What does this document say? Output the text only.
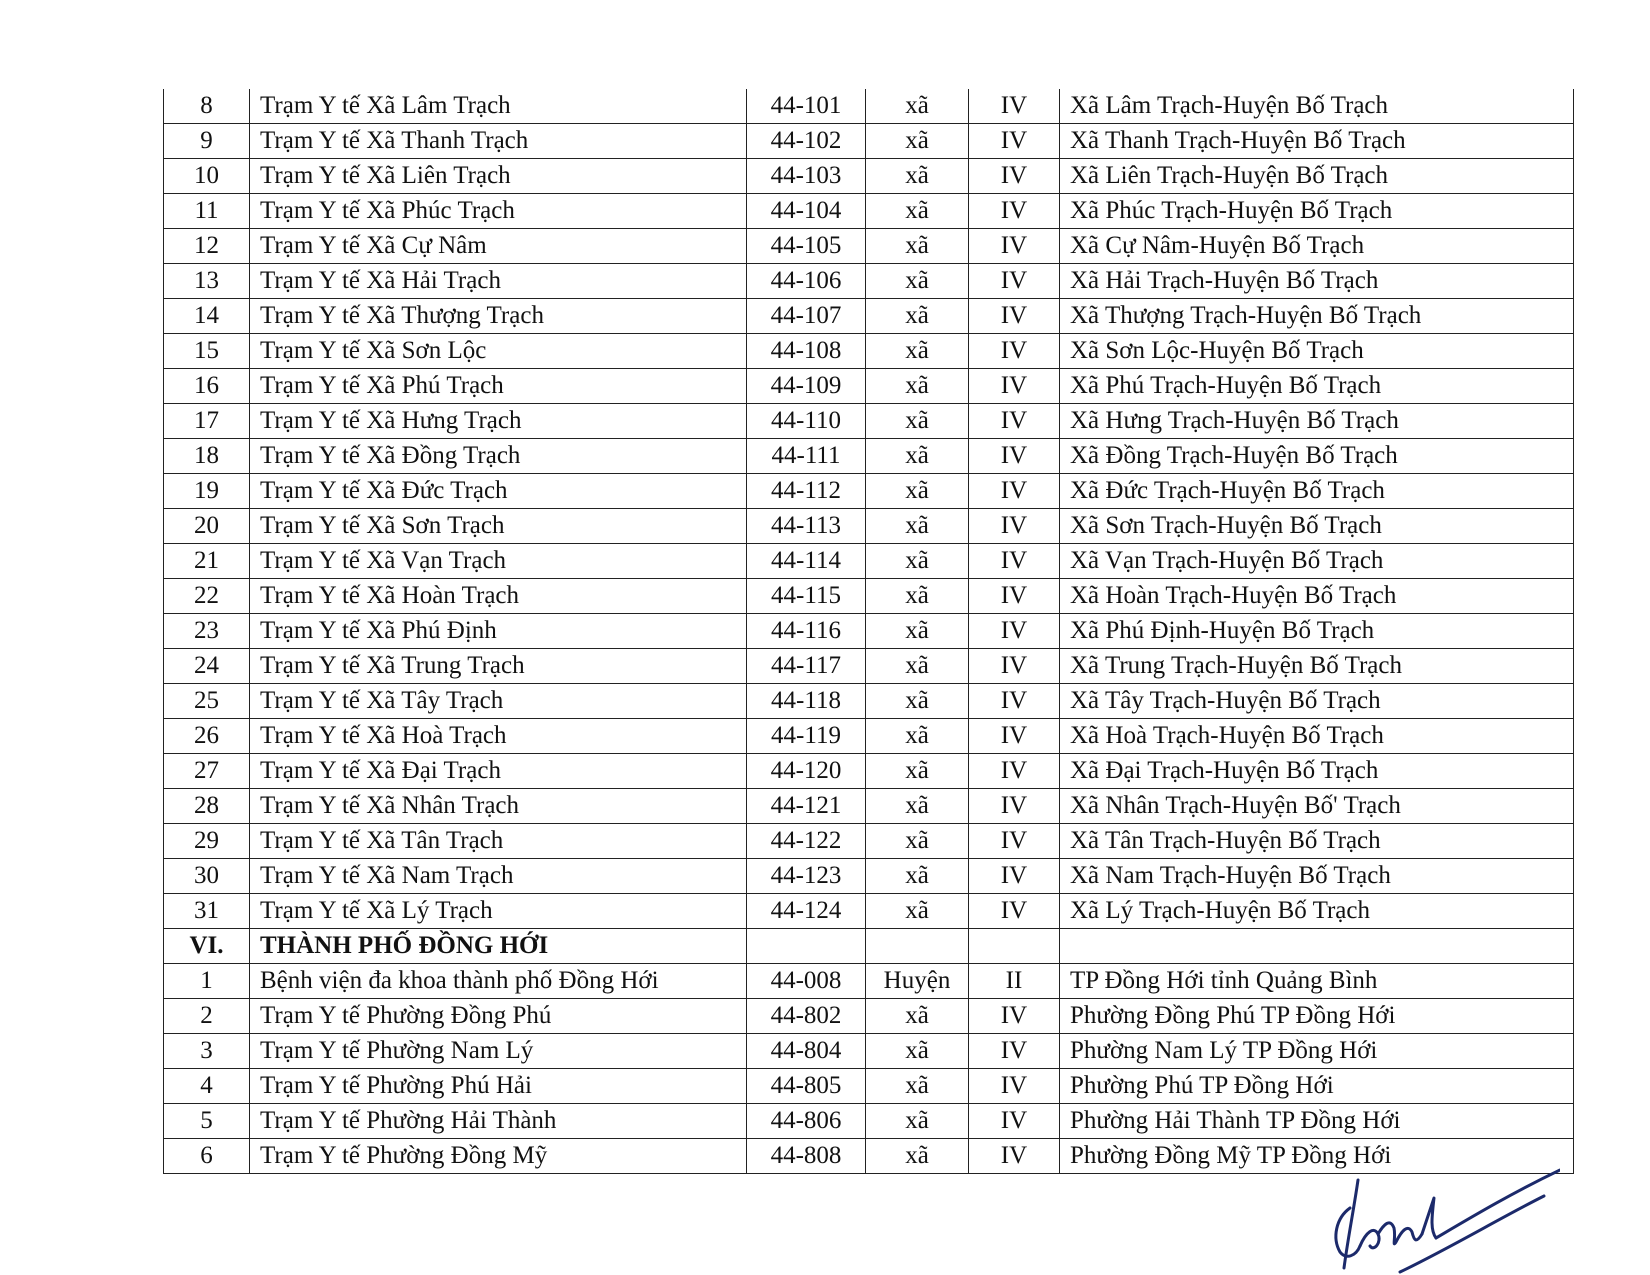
8	Trạm Y tế Xã Lâm Trạch	44-101	xã	IV	Xã Lâm Trạch-Huyện Bố Trạch
9	Trạm Y tế Xã Thanh Trạch	44-102	xã	IV	Xã Thanh Trạch-Huyện Bố Trạch
10	Trạm Y tế Xã Liên Trạch	44-103	xã	IV	Xã Liên Trạch-Huyện Bố Trạch
11	Trạm Y tế Xã Phúc Trạch	44-104	xã	IV	Xã Phúc Trạch-Huyện Bố Trạch
12	Trạm Y tế Xã Cự Nâm	44-105	xã	IV	Xã Cự Nâm-Huyện Bố Trạch
13	Trạm Y tế Xã Hải Trạch	44-106	xã	IV	Xã Hải Trạch-Huyện Bố Trạch
14	Trạm Y tế Xã Thượng Trạch	44-107	xã	IV	Xã Thượng Trạch-Huyện Bố Trạch
15	Trạm Y tế Xã Sơn Lộc	44-108	xã	IV	Xã Sơn Lộc-Huyện Bố Trạch
16	Trạm Y tế Xã Phú Trạch	44-109	xã	IV	Xã Phú Trạch-Huyện Bố Trạch
17	Trạm Y tế Xã Hưng Trạch	44-110	xã	IV	Xã Hưng Trạch-Huyện Bố Trạch
18	Trạm Y tế Xã Đồng Trạch	44-111	xã	IV	Xã Đồng Trạch-Huyện Bố Trạch
19	Trạm Y tế Xã Đức Trạch	44-112	xã	IV	Xã Đức Trạch-Huyện Bố Trạch
20	Trạm Y tế Xã Sơn Trạch	44-113	xã	IV	Xã Sơn Trạch-Huyện Bố Trạch
21	Trạm Y tế Xã Vạn Trạch	44-114	xã	IV	Xã Vạn Trạch-Huyện Bố Trạch
22	Trạm Y tế Xã Hoàn Trạch	44-115	xã	IV	Xã Hoàn Trạch-Huyện Bố Trạch
23	Trạm Y tế Xã Phú Định	44-116	xã	IV	Xã Phú Định-Huyện Bố Trạch
24	Trạm Y tế Xã Trung Trạch	44-117	xã	IV	Xã Trung Trạch-Huyện Bố Trạch
25	Trạm Y tế Xã Tây Trạch	44-118	xã	IV	Xã Tây Trạch-Huyện Bố Trạch
26	Trạm Y tế Xã Hoà Trạch	44-119	xã	IV	Xã Hoà Trạch-Huyện Bố Trạch
27	Trạm Y tế Xã Đại Trạch	44-120	xã	IV	Xã Đại Trạch-Huyện Bố Trạch
28	Trạm Y tế Xã Nhân Trạch	44-121	xã	IV	Xã Nhân Trạch-Huyện Bố' Trạch
29	Trạm Y tế Xã Tân Trạch	44-122	xã	IV	Xã Tân Trạch-Huyện Bố Trạch
30	Trạm Y tế Xã Nam Trạch	44-123	xã	IV	Xã Nam Trạch-Huyện Bố Trạch
31	Trạm Y tế Xã Lý Trạch	44-124	xã	IV	Xã Lý Trạch-Huyện Bố Trạch
VI.	THÀNH PHỐ ĐỒNG HỚI				
1	Bệnh viện đa khoa thành phố Đồng Hới	44-008	Huyện	II	TP Đồng Hới tỉnh Quảng Bình
2	Trạm Y tế Phường Đồng Phú	44-802	xã	IV	Phường Đồng Phú TP Đồng Hới
3	Trạm Y tế Phường Nam Lý	44-804	xã	IV	Phường Nam Lý TP Đồng Hới
4	Trạm Y tế Phường Phú Hải	44-805	xã	IV	Phường Phú TP Đồng Hới
5	Trạm Y tế Phường Hải Thành	44-806	xã	IV	Phường Hải Thành TP Đồng Hới
6	Trạm Y tế Phường Đồng Mỹ	44-808	xã	IV	Phường Đồng Mỹ TP Đồng Hới
